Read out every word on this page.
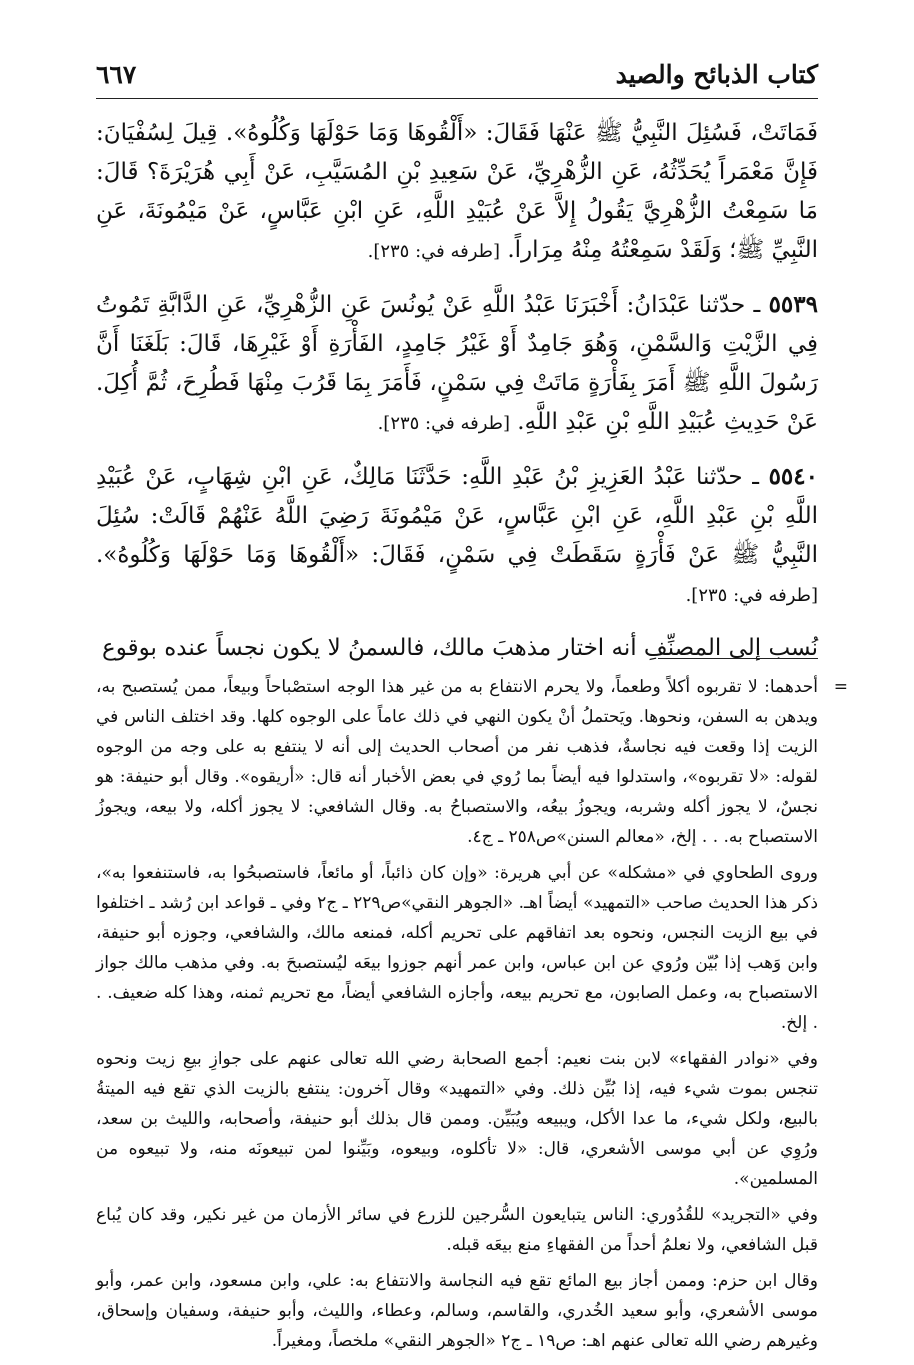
كتاب الذبائح والصيد
٦٦٧

فَمَاتَتْ، فَسُئِلَ النَّبِيُّ ﷺ عَنْهَا فَقَالَ: «أَلْقُوهَا وَمَا حَوْلَهَا وَكُلُوهُ». قِيلَ لِسُفْيَانَ: فَإِنَّ مَعْمَراً يُحَدِّثُهُ، عَنِ الزُّهْرِيِّ، عَنْ سَعِيدِ بْنِ المُسَيَّبِ، عَنْ أَبِي هُرَيْرَةَ؟ قَالَ: مَا سَمِعْتُ الزُّهْرِيَّ يَقُولُ إِلاَّ عَنْ عُبَيْدِ اللَّهِ، عَنِ ابْنِ عَبَّاسٍ، عَنْ مَيْمُونَةَ، عَنِ النَّبِيِّ ﷺ؛ وَلَقَدْ سَمِعْتُهُ مِنْهُ مِرَاراً. [طرفه في: ٢٣٥].

٥٥٣٩ ـ حدّثنا عَبْدَانُ: أَخْبَرَنَا عَبْدُ اللَّهِ عَنْ يُونُسَ عَنِ الزُّهْرِيِّ، عَنِ الدَّابَّةِ تَمُوتُ فِي الزَّيْتِ وَالسَّمْنِ، وَهُوَ جَامِدٌ أَوْ غَيْرُ جَامِدٍ، الفَأْرَةِ أَوْ غَيْرِهَا، قَالَ: بَلَغَنَا أَنَّ رَسُولَ اللَّهِ ﷺ أَمَرَ بِفَأْرَةٍ مَاتَتْ فِي سَمْنٍ، فَأَمَرَ بِمَا قَرُبَ مِنْهَا فَطُرِحَ، ثُمَّ أُكِلَ. عَنْ حَدِيثِ عُبَيْدِ اللَّهِ بْنِ عَبْدِ اللَّهِ. [طرفه في: ٢٣٥].

٥٥٤٠ ـ حدّثنا عَبْدُ العَزِيزِ بْنُ عَبْدِ اللَّهِ: حَدَّثَنَا مَالِكٌ، عَنِ ابْنِ شِهَابٍ، عَنْ عُبَيْدِ اللَّهِ بْنِ عَبْدِ اللَّهِ، عَنِ ابْنِ عَبَّاسٍ، عَنْ مَيْمُونَةَ رَضِيَ اللَّهُ عَنْهُمْ قَالَتْ: سُئِلَ النَّبِيُّ ﷺ عَنْ فَأْرَةٍ سَقَطَتْ فِي سَمْنٍ، فَقَالَ: «أَلْقُوهَا وَمَا حَوْلَهَا وَكُلُوهُ». [طرفه في: ٢٣٥].

نُسب إلى المصنِّفِ أنه اختار مذهبَ مالك، فالسمنُ لا يكون نجساً عنده بوقوع

=

أحدهما: لا تقربوه أكلاً وطعماً، ولا يحرم الانتفاع به من غير هذا الوجه استصْباحاً وبيعاً، ممن يُستصبح به، ويدهن به السفن، ونحوها. ويَحتملُ أنْ يكون النهي في ذلك عاماً على الوجوه كلها. وقد اختلف الناس في الزيت إذا وقعت فيه نجاسةٌ، فذهب نفر من أصحاب الحديث إلى أنه لا ينتفع به على وجه من الوجوه لقوله: «لا تقربوه»، واستدلوا فيه أيضاً بما رُوي في بعض الأخبار أنه قال: «أريقوه». وقال أبو حنيفة: هو نجسٌ، لا يجوز أكله وشربه، ويجوزُ بيعُه، والاستصباحُ به. وقال الشافعي: لا يجوز أكله، ولا بيعه، ويجوزُ الاستصباح به. . . إلخ، «معالم السنن»ص٢٥٨ ـ ج٤.

وروى الطحاوي في «مشكله» عن أبي هريرة: «وإن كان ذائباً، أو مائعاً، فاستصبحُوا به، فاستنفعوا به»، ذكر هذا الحديث صاحب «التمهيد» أيضاً اهـ. «الجوهر النقي»ص٢٢٩ ـ ج٢ وفي ـ قواعد ابن رُشد ـ اختلفوا في بيع الزيت النجس، ونحوه بعد اتفاقهم على تحريم أكله، فمنعه مالك، والشافعي، وجوزه أبو حنيفة، وابن وَهب إذا بُيّن ورُوي عن ابن عباس، وابن عمر أنهم جوزوا بيعَه ليُستصبحَ به. وفي مذهب مالك جواز الاستصباح به، وعمل الصابون، مع تحريم بيعه، وأجازه الشافعي أيضاً، مع تحريم ثمنه، وهذا كله ضعيف. . . إلخ.

وفي «نوادر الفقهاء» لابن بنت نعيم: أجمع الصحابة رضي الله تعالى عنهم على جوازِ بيعِ زيت ونحوه تنجس بموت شيء فيه، إذا بُيِّن ذلك. وفي «التمهيد» وقال آخرون: ينتفع بالزيت الذي تقع فيه الميتةُ بالبيع، ولكل شيء، ما عدا الأكل، ويبيعه ويُبَيِّن. وممن قال بذلك أبو حنيفة، وأصحابه، والليث بن سعد، ورُوِي عن أبي موسى الأشعري، قال: «لا تأكلوه، وبيعوه، وبَيِّنوا لمن تبيعونَه منه، ولا تبيعوه من المسلمين».

وفي «التجريد» للقُدُوري: الناس يتبايعون السُّرجين للزرع في سائر الأزمان من غير نكير، وقد كان يُباع قبل الشافعي، ولا نعلمُ أحداً من الفقهاءِ منع بيعَه قبله.

وقال ابن حزم: وممن أجاز بيع المائع تقع فيه النجاسة والانتفاع به: علي، وابن مسعود، وابن عمر، وأبو موسى الأشعري، وأبو سعيد الخُدري، والقاسم، وسالم، وعطاء، والليث، وأبو حنيفة، وسفيان وإسحاق، وغيرهم رضي الله تعالى عنهم اهـ: ص١٩ ـ ج٢ «الجوهر النقي» ملخصاً، ومغيراً.
